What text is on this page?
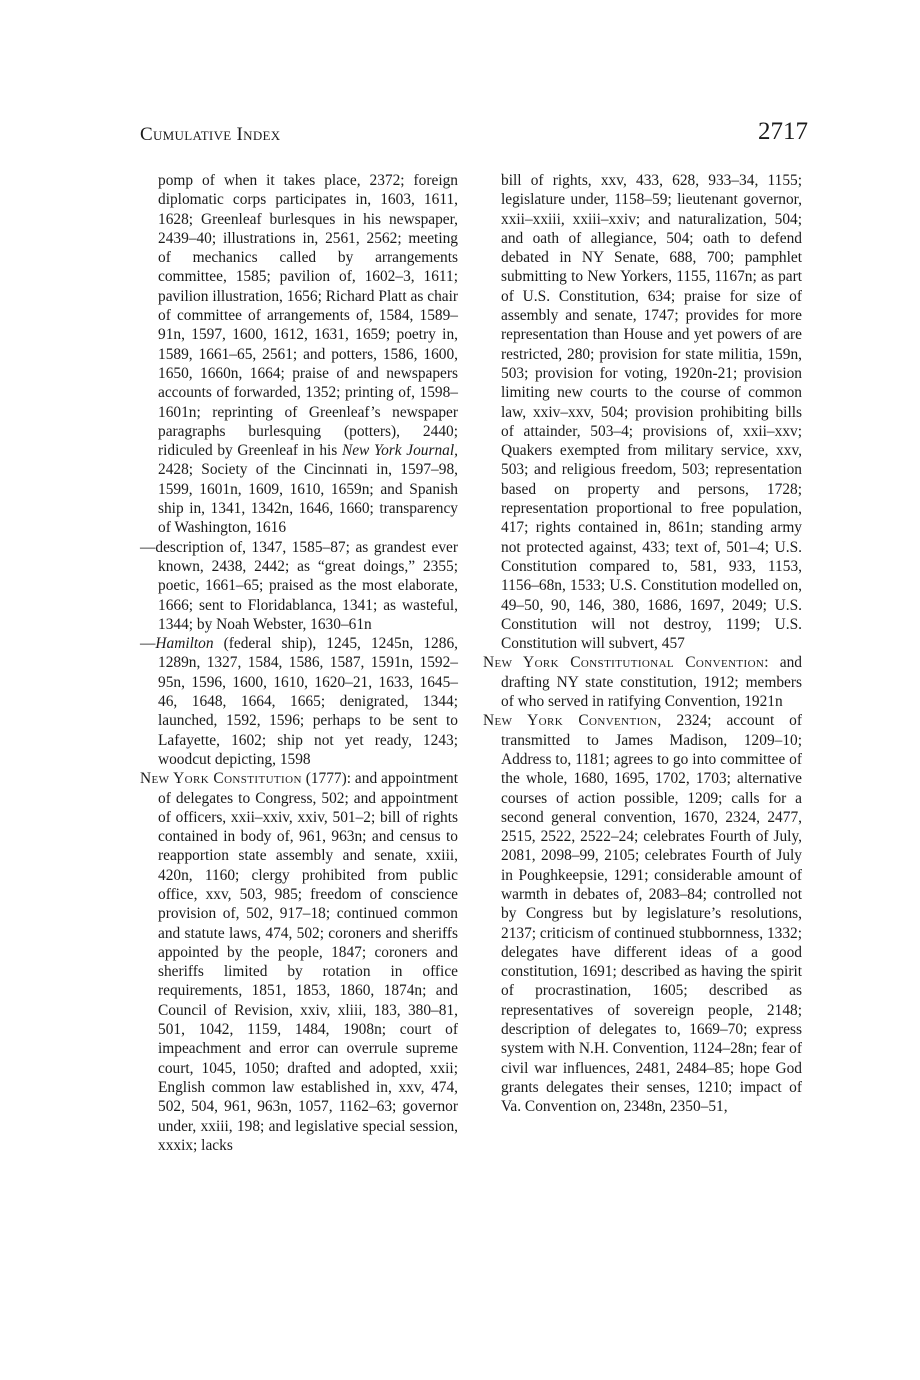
Cumulative Index	2717
pomp of when it takes place, 2372; foreign diplomatic corps participates in, 1603, 1611, 1628; Greenleaf burlesques in his newspaper, 2439–40; illustrations in, 2561, 2562; meeting of mechanics called by arrangements committee, 1585; pavilion of, 1602–3, 1611; pavilion illustration, 1656; Richard Platt as chair of committee of arrangements of, 1584, 1589–91n, 1597, 1600, 1612, 1631, 1659; poetry in, 1589, 1661–65, 2561; and potters, 1586, 1600, 1650, 1660n, 1664; praise of and newspapers accounts of forwarded, 1352; printing of, 1598–1601n; reprinting of Greenleaf’s newspaper paragraphs burlesquing (potters), 2440; ridiculed by Greenleaf in his New York Journal, 2428; Society of the Cincinnati in, 1597–98, 1599, 1601n, 1609, 1610, 1659n; and Spanish ship in, 1341, 1342n, 1646, 1660; transparency of Washington, 1616
—description of, 1347, 1585–87; as grandest ever known, 2438, 2442; as “great doings,” 2355; poetic, 1661–65; praised as the most elaborate, 1666; sent to Floridablanca, 1341; as wasteful, 1344; by Noah Webster, 1630–61n
—Hamilton (federal ship), 1245, 1245n, 1286, 1289n, 1327, 1584, 1586, 1587, 1591n, 1592–95n, 1596, 1600, 1610, 1620–21, 1633, 1645–46, 1648, 1664, 1665; denigrated, 1344; launched, 1592, 1596; perhaps to be sent to Lafayette, 1602; ship not yet ready, 1243; woodcut depicting, 1598
New York Constitution (1777): and appointment of delegates to Congress, 502; and appointment of officers, xxii–xxiv, xxiv, 501–2; bill of rights contained in body of, 961, 963n; and census to reapportion state assembly and senate, xxiii, 420n, 1160; clergy prohibited from public office, xxv, 503, 985; freedom of conscience provision of, 502, 917–18; continued common and statute laws, 474, 502; coroners and sheriffs appointed by the people, 1847; coroners and sheriffs limited by rotation in office requirements, 1851, 1853, 1860, 1874n; and Council of Revision, xxiv, xliii, 183, 380–81, 501, 1042, 1159, 1484, 1908n; court of impeachment and error can overrule supreme court, 1045, 1050; drafted and adopted, xxii; English common law established in, xxv, 474, 502, 504, 961, 963n, 1057, 1162–63; governor under, xxiii, 198; and legislative special session, xxxix; lacks
bill of rights, xxv, 433, 628, 933–34, 1155; legislature under, 1158–59; lieutenant governor, xxii–xxiii, xxiii–xxiv; and naturalization, 504; and oath of allegiance, 504; oath to defend debated in NY Senate, 688, 700; pamphlet submitting to New Yorkers, 1155, 1167n; as part of U.S. Constitution, 634; praise for size of assembly and senate, 1747; provides for more representation than House and yet powers of are restricted, 280; provision for state militia, 159n, 503; provision for voting, 1920n-21; provision limiting new courts to the course of common law, xxiv–xxv, 504; provision prohibiting bills of attainder, 503–4; provisions of, xxii–xxv; Quakers exempted from military service, xxv, 503; and religious freedom, 503; representation based on property and persons, 1728; representation proportional to free population, 417; rights contained in, 861n; standing army not protected against, 433; text of, 501–4; U.S. Constitution compared to, 581, 933, 1153, 1156–68n, 1533; U.S. Constitution modelled on, 49–50, 90, 146, 380, 1686, 1697, 2049; U.S. Constitution will not destroy, 1199; U.S. Constitution will subvert, 457
New York Constitutional Convention: and drafting NY state constitution, 1912; members of who served in ratifying Convention, 1921n
New York Convention, 2324; account of transmitted to James Madison, 1209–10; Address to, 1181; agrees to go into committee of the whole, 1680, 1695, 1702, 1703; alternative courses of action possible, 1209; calls for a second general convention, 1670, 2324, 2477, 2515, 2522, 2522–24; celebrates Fourth of July, 2081, 2098–99, 2105; celebrates Fourth of July in Poughkeepsie, 1291; considerable amount of warmth in debates of, 2083–84; controlled not by Congress but by legislature’s resolutions, 2137; criticism of continued stubbornness, 1332; delegates have different ideas of a good constitution, 1691; described as having the spirit of procrastination, 1605; described as representatives of sovereign people, 2148; description of delegates to, 1669–70; express system with N.H. Convention, 1124–28n; fear of civil war influences, 2481, 2484–85; hope God grants delegates their senses, 1210; impact of Va. Convention on, 2348n, 2350–51,
